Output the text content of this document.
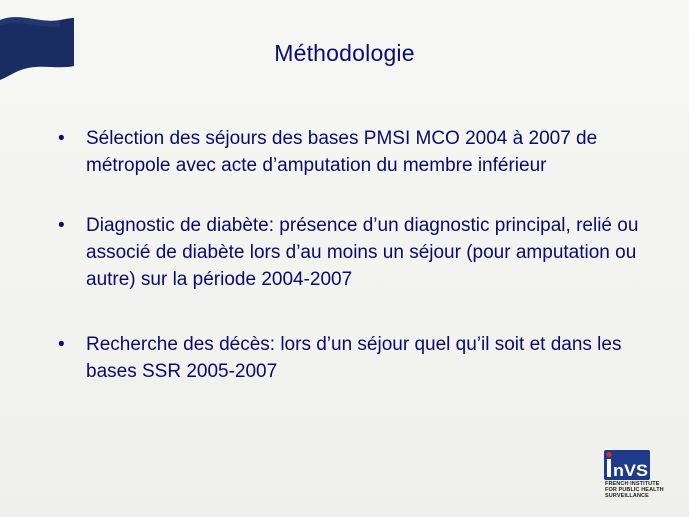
Méthodologie
• Sélection des séjours des bases PMSI MCO 2004 à 2007 de métropole avec acte d’amputation du membre inférieur
• Diagnostic de diabète: présence d’un diagnostic principal, relié ou associé de diabète lors d’au moins un séjour (pour amputation ou autre) sur la période 2004-2007
• Recherche des décès: lors d’un séjour quel qu’il soit et dans les bases SSR 2005-2007
nVS
FRENCH INSTITUTE
FOR PUBLIC HEALTH
SURVEILLANCE
